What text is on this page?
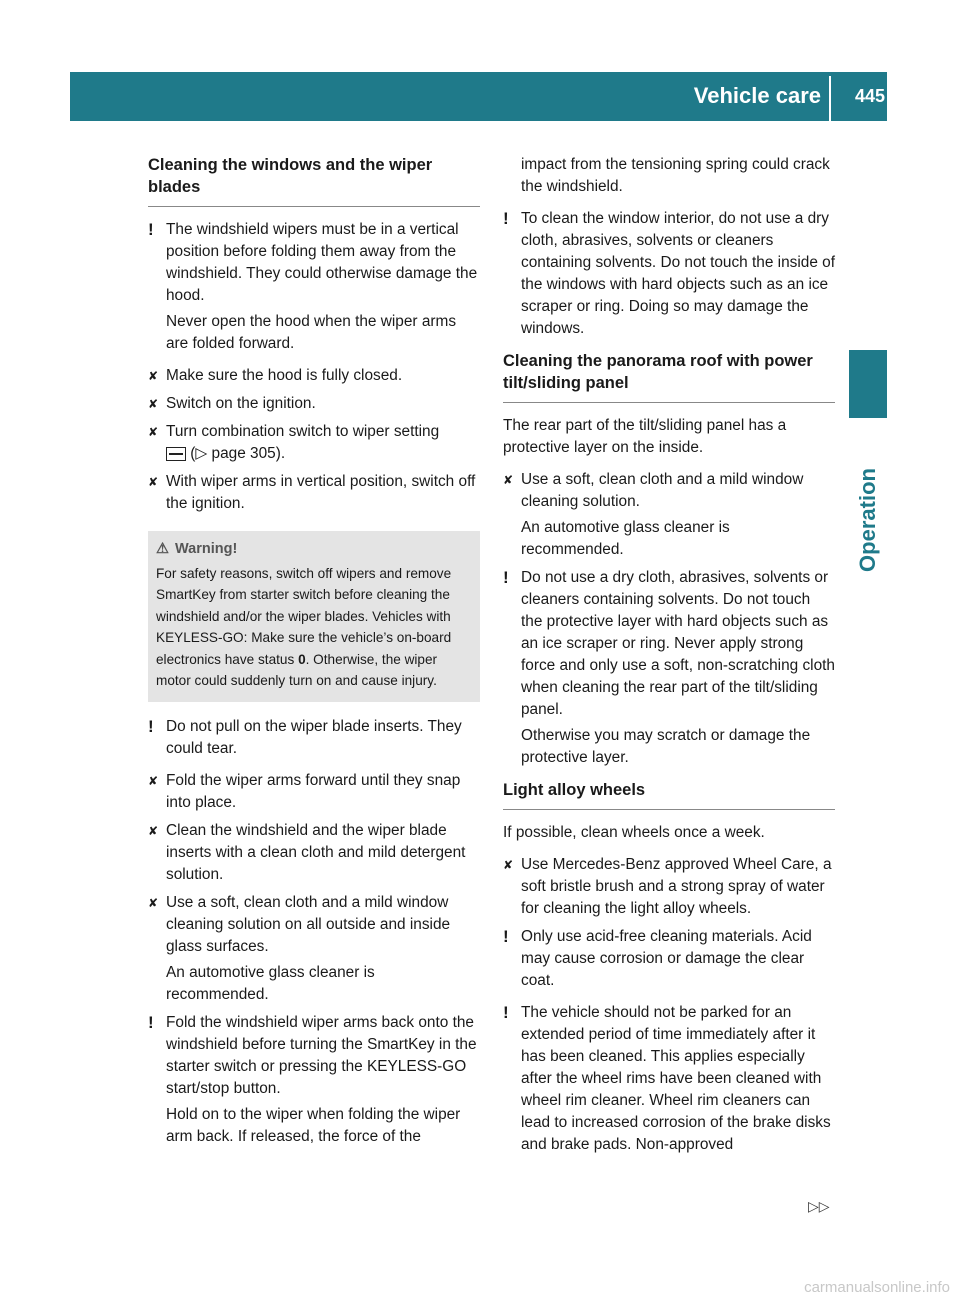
Vehicle care 445
Operation
Cleaning the windows and the wiper blades
! The windshield wipers must be in a vertical position before folding them away from the windshield. They could otherwise damage the hood.

Never open the hood when the wiper arms are folded forward.

✘ Make sure the hood is fully closed.

✘ Switch on the ignition.

✘ Turn combination switch to wiper setting
(▷ page 305).

✘ With wiper arms in vertical position, switch off the ignition.

⚠ Warning!
For safety reasons, switch off wipers and remove SmartKey from starter switch before cleaning the windshield and/or the wiper blades. Vehicles with KEYLESS-GO: Make sure the vehicle’s on-board electronics have status 0. Otherwise, the wiper motor could suddenly turn on and cause injury.
! Do not pull on the wiper blade inserts. They could tear.

✘ Fold the wiper arms forward until they snap into place.

✘ Clean the windshield and the wiper blade inserts with a clean cloth and mild detergent solution.

✘ Use a soft, clean cloth and a mild window cleaning solution on all outside and inside glass surfaces.

An automotive glass cleaner is recommended.

! Fold the windshield wiper arms back onto the windshield before turning the SmartKey in the starter switch or pressing the KEYLESS-GO start/stop button.

Hold on to the wiper when folding the wiper arm back. If released, the force of the

impact from the tensioning spring could crack the windshield.

! To clean the window interior, do not use a dry cloth, abrasives, solvents or cleaners containing solvents. Do not touch the inside of the windows with hard objects such as an ice scraper or ring. Doing so may damage the windows.

Cleaning the panorama roof with power tilt/sliding panel

The rear part of the tilt/sliding panel has a protective layer on the inside.

✘ Use a soft, clean cloth and a mild window cleaning solution.

An automotive glass cleaner is recommended.

! Do not use a dry cloth, abrasives, solvents or cleaners containing solvents. Do not touch the protective layer with hard objects such as an ice scraper or ring. Never apply strong force and only use a soft, non-scratching cloth when cleaning the rear part of the tilt/sliding panel.

Otherwise you may scratch or damage the protective layer.

Light alloy wheels

If possible, clean wheels once a week.

✘ Use Mercedes-Benz approved Wheel Care, a soft bristle brush and a strong spray of water for cleaning the light alloy wheels.

! Only use acid-free cleaning materials. Acid may cause corrosion or damage the clear coat.

! The vehicle should not be parked for an extended period of time immediately after it has been cleaned. This applies especially after the wheel rims have been cleaned with wheel rim cleaner. Wheel rim cleaners can lead to increased corrosion of the brake disks and brake pads. Non-approved

▷▷
carmanualsonline.info
